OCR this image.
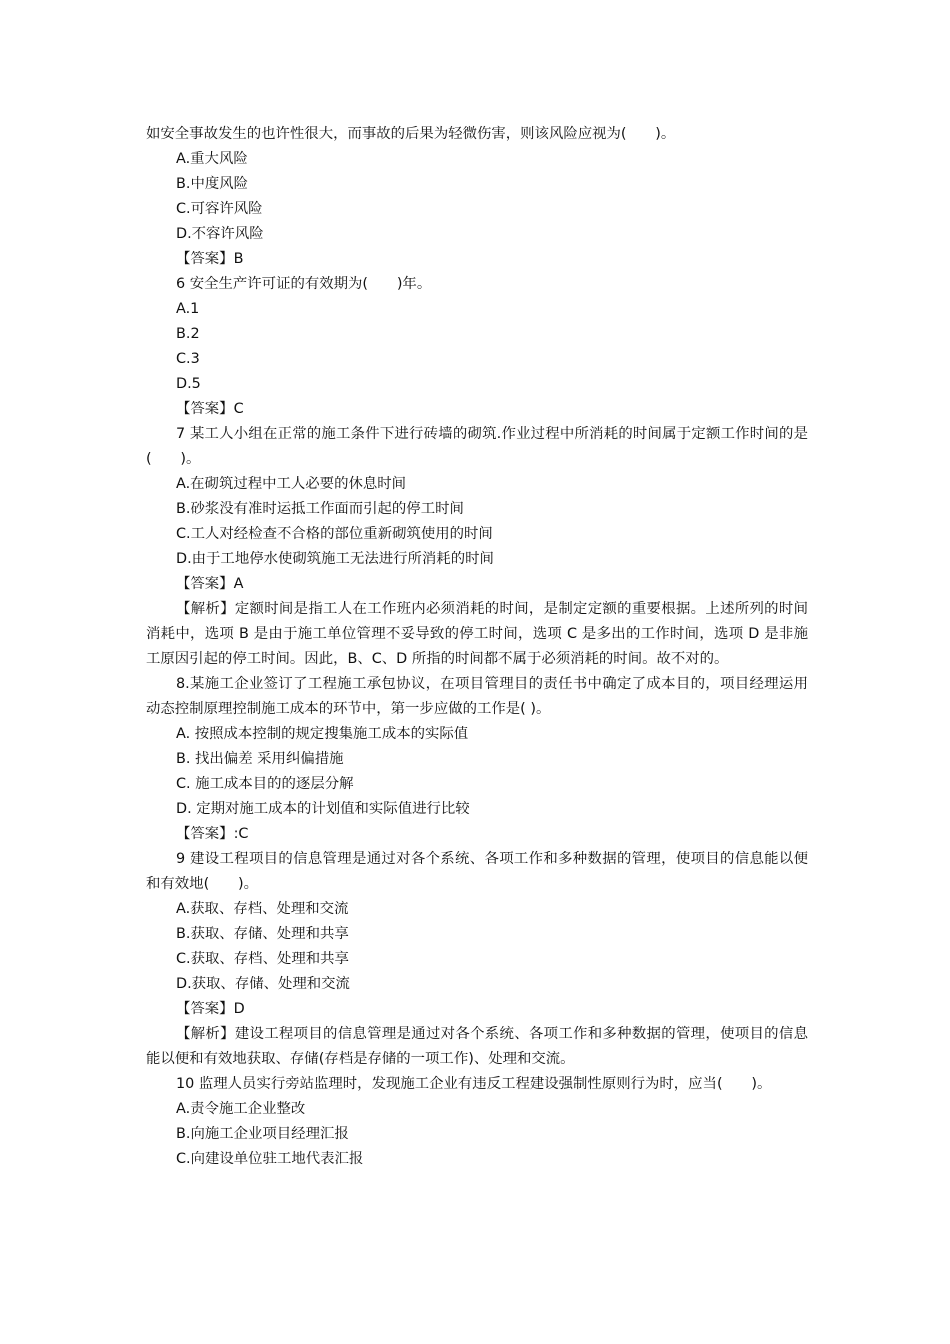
如安全事故发生的也许性很大，而事故的后果为轻微伤害，则该风险应视为(　　)。
A.重大风险
B.中度风险
C.可容许风险
D.不容许风险
【答案】B
6 安全生产许可证的有效期为(　　)年。
A.1
B.2
C.3
D.5
【答案】C
7 某工人小组在正常的施工条件下进行砖墙的砌筑.作业过程中所消耗的时间属于定额工作时间的是(　　)。
A.在砌筑过程中工人必要的休息时间
B.砂浆没有准时运抵工作面而引起的停工时间
C.工人对经检查不合格的部位重新砌筑使用的时间
D.由于工地停水使砌筑施工无法进行所消耗的时间
【答案】A
【解析】定额时间是指工人在工作班内必须消耗的时间，是制定定额的重要根据。上述所列的时间消耗中，选项 B 是由于施工单位管理不妥导致的停工时间，选项 C 是多出的工作时间，选项 D 是非施工原因引起的停工时间。因此，B、C、D 所指的时间都不属于必须消耗的时间。故不对的。
8.某施工企业签订了工程施工承包协议，在项目管理目的责任书中确定了成本目的，项目经理运用动态控制原理控制施工成本的环节中，第一步应做的工作是( )。
A. 按照成本控制的规定搜集施工成本的实际值
B. 找出偏差 采用纠偏措施
C. 施工成本目的的逐层分解
D. 定期对施工成本的计划值和实际值进行比较
【答案】:C
9 建设工程项目的信息管理是通过对各个系统、各项工作和多种数据的管理，使项目的信息能以便和有效地(　　)。
A.获取、存档、处理和交流
B.获取、存储、处理和共享
C.获取、存档、处理和共享
D.获取、存储、处理和交流
【答案】D
【解析】建设工程项目的信息管理是通过对各个系统、各项工作和多种数据的管理，使项目的信息能以便和有效地获取、存储(存档是存储的一项工作)、处理和交流。
10 监理人员实行旁站监理时，发现施工企业有违反工程建设强制性原则行为时，应当(　　)。
A.责令施工企业整改
B.向施工企业项目经理汇报
C.向建设单位驻工地代表汇报
